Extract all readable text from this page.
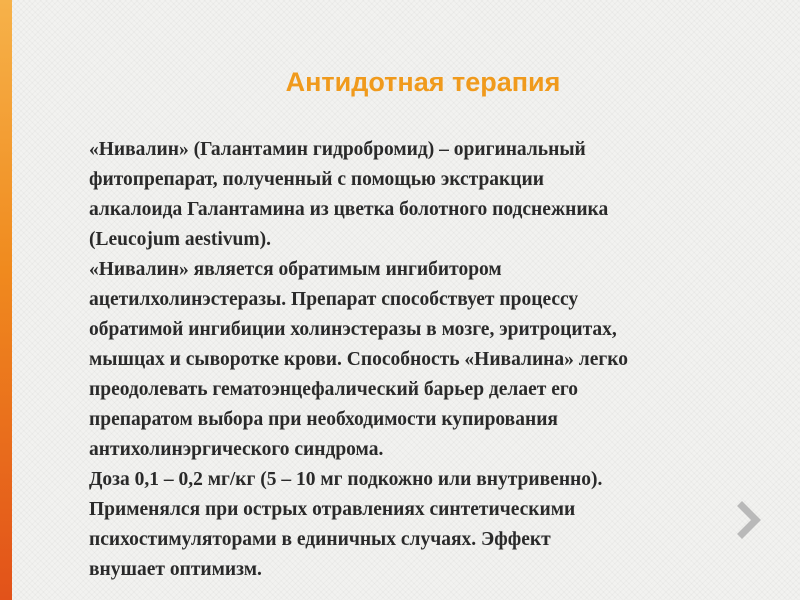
Антидотная терапия

«Нивалин» (Галантамин гидробромид) – оригинальный

фитопрепарат, полученный с помощью экстракции

алкалоида Галантамина из цветка болотного подснежника

(Leucojum aestivum).

«Нивалин» является обратимым ингибитором

ацетилхолинэстеразы. Препарат способствует процессу

обратимой ингибиции холинэстеразы в мозге, эритроцитах,

мышцах и сыворотке крови. Способность «Нивалина» легко

преодолевать гематоэнцефалический барьер делает его

препаратом выбора при необходимости купирования

антихолинэргического синдрома.

Доза 0,1 – 0,2 мг/кг (5 – 10 мг подкожно или внутривенно).

Применялся при острых отравлениях синтетическими

психостимуляторами в единичных случаях. Эффект

внушает оптимизм.
